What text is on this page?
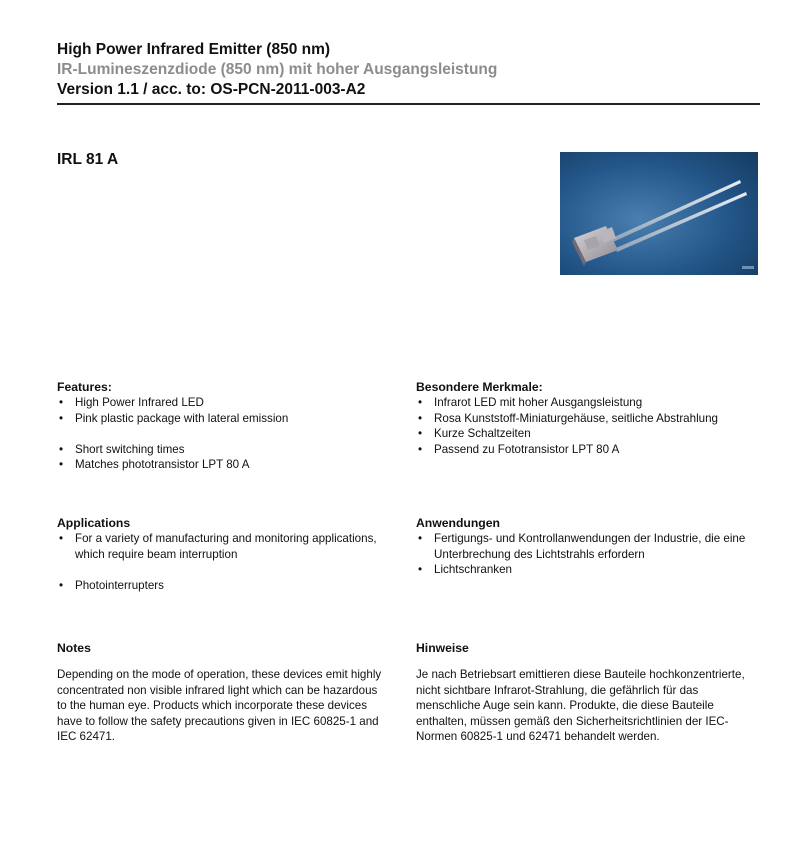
High Power Infrared Emitter (850 nm)
IR-Lumineszenzdiode (850 nm) mit hoher Ausgangsleistung
Version 1.1 / acc. to: OS-PCN-2011-003-A2
IRL 81 A
Features:
• High Power Infrared LED
• Pink plastic package with lateral emission
• Short switching times
• Matches phototransistor LPT 80 A
Besondere Merkmale:
• Infrarot LED mit hoher Ausgangsleistung
• Rosa Kunststoff-Miniaturgehäuse, seitliche Abstrahlung
• Kurze Schaltzeiten
• Passend zu Fototransistor LPT 80 A
Applications
• For a variety of manufacturing and monitoring applications, which require beam interruption
• Photointerrupters
Anwendungen
• Fertigungs- und Kontrollanwendungen der Industrie, die eine Unterbrechung des Lichtstrahls erfordern
• Lichtschranken
Notes

Depending on the mode of operation, these devices emit highly concentrated non visible infrared light which can be hazardous to the human eye. Products which incorporate these devices have to follow the safety precautions given in IEC 60825-1 and IEC 62471.

Hinweise

Je nach Betriebsart emittieren diese Bauteile hochkonzentrierte, nicht sichtbare Infrarot-Strahlung, die gefährlich für das menschliche Auge sein kann. Produkte, die diese Bauteile enthalten, müssen gemäß den Sicherheitsrichtlinien der IEC-Normen 60825-1 und 62471 behandelt werden.
